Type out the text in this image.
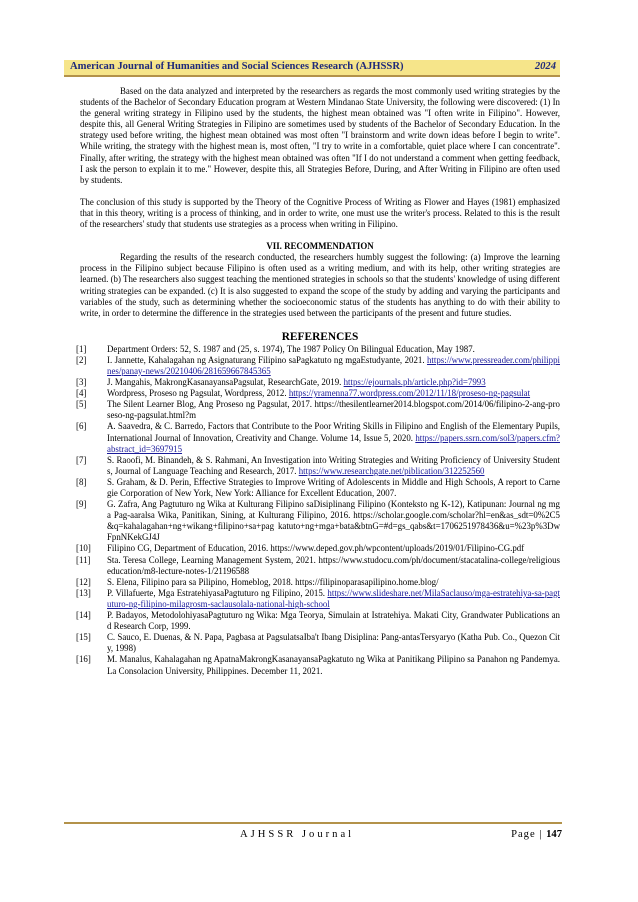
American Journal of Humanities and Social Sciences Research (AJHSSR)	2024

Based on the data analyzed and interpreted by the researchers as regards the most commonly used writing strategies by the students of the Bachelor of Secondary Education program at Western Mindanao State University, the following were discovered: (1) In the general writing strategy in Filipino used by the students, the highest mean obtained was "I often write in Filipino". However, despite this, all General Writing Strategies in Filipino are sometimes used by students of the Bachelor of Secondary Education. In the strategy used before writing, the highest mean obtained was most often "I brainstorm and write down ideas before I begin to write". While writing, the strategy with the highest mean is, most often, "I try to write in a comfortable, quiet place where I can concentrate". Finally, after writing, the strategy with the highest mean obtained was often "If I do not understand a comment when getting feedback, I ask the person to explain it to me." However, despite this, all Strategies Before, During, and After Writing in Filipino are often used by students.

The conclusion of this study is supported by the Theory of the Cognitive Process of Writing as Flower and Hayes (1981) emphasized that in this theory, writing is a process of thinking, and in order to write, one must use the writer's process. Related to this is the result of the researchers' study that students use strategies as a process when writing in Filipino.

VII. RECOMMENDATION

Regarding the results of the research conducted, the researchers humbly suggest the following: (a) Improve the learning process in the Filipino subject because Filipino is often used as a writing medium, and with its help, other writing strategies are learned. (b) The researchers also suggest teaching the mentioned strategies in schools so that the students' knowledge of using different writing strategies can be expanded. (c) It is also suggested to expand the scope of the study by adding and varying the participants and variables of the study, such as determining whether the socioeconomic status of the students has anything to do with their ability to write, in order to determine the difference in the strategies used between the participants of the present and future studies.

REFERENCES

[1] Department Orders: 52, S. 1987 and (25, s. 1974), The 1987 Policy On Bilingual Education, May 1987.
[2] I. Jannette, Kahalagahan ng Asignaturang Filipino saPagkatuto ng mgaEstudyante, 2021. https://www.pressreader.com/philippines/panay-news/20210406/281659667845365
[3] J. Mangahis, MakrongKasanayansaPagsulat, ResearchGate, 2019. https://ejournals.ph/article.php?id=7993
[4] Wordpress, Proseso ng Pagsulat, Wordpress, 2012. https://yramenna77.wordpress.com/2012/11/18/proseso-ng-pagsulat
[5] The Silent Learner Blog, Ang Proseso ng Pagsulat, 2017. https://thesilentlearner2014.blogspot.com/2014/06/filipino-2-ang-proseso-ng-pagsulat.html?m
[6] A. Saavedra, & C. Barredo, Factors that Contribute to the Poor Writing Skills in Filipino and English of the Elementary Pupils, International Journal of Innovation, Creativity and Change. Volume 14, Issue 5, 2020. https://papers.ssrn.com/sol3/papers.cfm?abstract_id=3697915
[7] S. Raoofi, M. Binandeh, & S. Rahmani, An Investigation into Writing Strategies and Writing Proficiency of University Students, Journal of Language Teaching and Research, 2017. https://www.researchgate.net/piblication/312252560
[8] S. Graham, & D. Perin, Effective Strategies to Improve Writing of Adolescents in Middle and High Schools, A report to Carnegie Corporation of New York, New York: Alliance for Excellent Education, 2007.
[9] G. Zafra, Ang Pagtuturo ng Wika at Kulturang Filipino saDisiplinang Filipino (Konteksto ng K-12), Katipunan: Journal ng mga Pag-aaralsa Wika, Panitikan, Sining, at Kulturang Filipino, 2016. https://scholar.google.com/scholar?hl=en&as_sdt=0%2C5&q=kahalagahan+ng+wikang+filipino+sa+pag katuto+ng+mga+bata&btnG=#d=gs_qabs&t=1706251978436&u=%23p%3DwFpnNKekGJ4J
[10] Filipino CG, Department of Education, 2016. https://www.deped.gov.ph/wpcontent/uploads/2019/01/Filipino-CG.pdf
[11] Sta. Teresa College, Learning Management System, 2021. https://www.studocu.com/ph/document/stacatalina-college/religiouseducation/m8-lecture-notes-1/21196588
[12] S. Elena, Filipino para sa Pilipino, Homeblog, 2018. https://filipinoparasapilipino.home.blog/
[13] P. Villafuerte, Mga EstratehiyasaPagtuturo ng Filipino, 2015. https://www.slideshare.net/MilaSaclauso/mga-estratehiya-sa-pagtuturo-ng-filipino-milagrosm-saclausolala-national-high-school
[14] P. Badayos, MetodolohiyasaPagtuturo ng Wika: Mga Teorya, Simulain at Istratehiya. Makati City, Grandwater Publications and Research Corp, 1999.
[15] C. Sauco, E. Duenas, & N. Papa, Pagbasa at PagsulatsaIba't Ibang Disiplina: Pang-antasTersyaryo (Katha Pub. Co., Quezon City, 1998)
[16] M. Manalus, Kahalagahan ng ApatnaMakrongKasanayansaPagkatuto ng Wika at Panitikang Pilipino sa Panahon ng Pandemya. La Consolacion University, Philippines. December 11, 2021.
AJHSSR Journal	Page | 147
